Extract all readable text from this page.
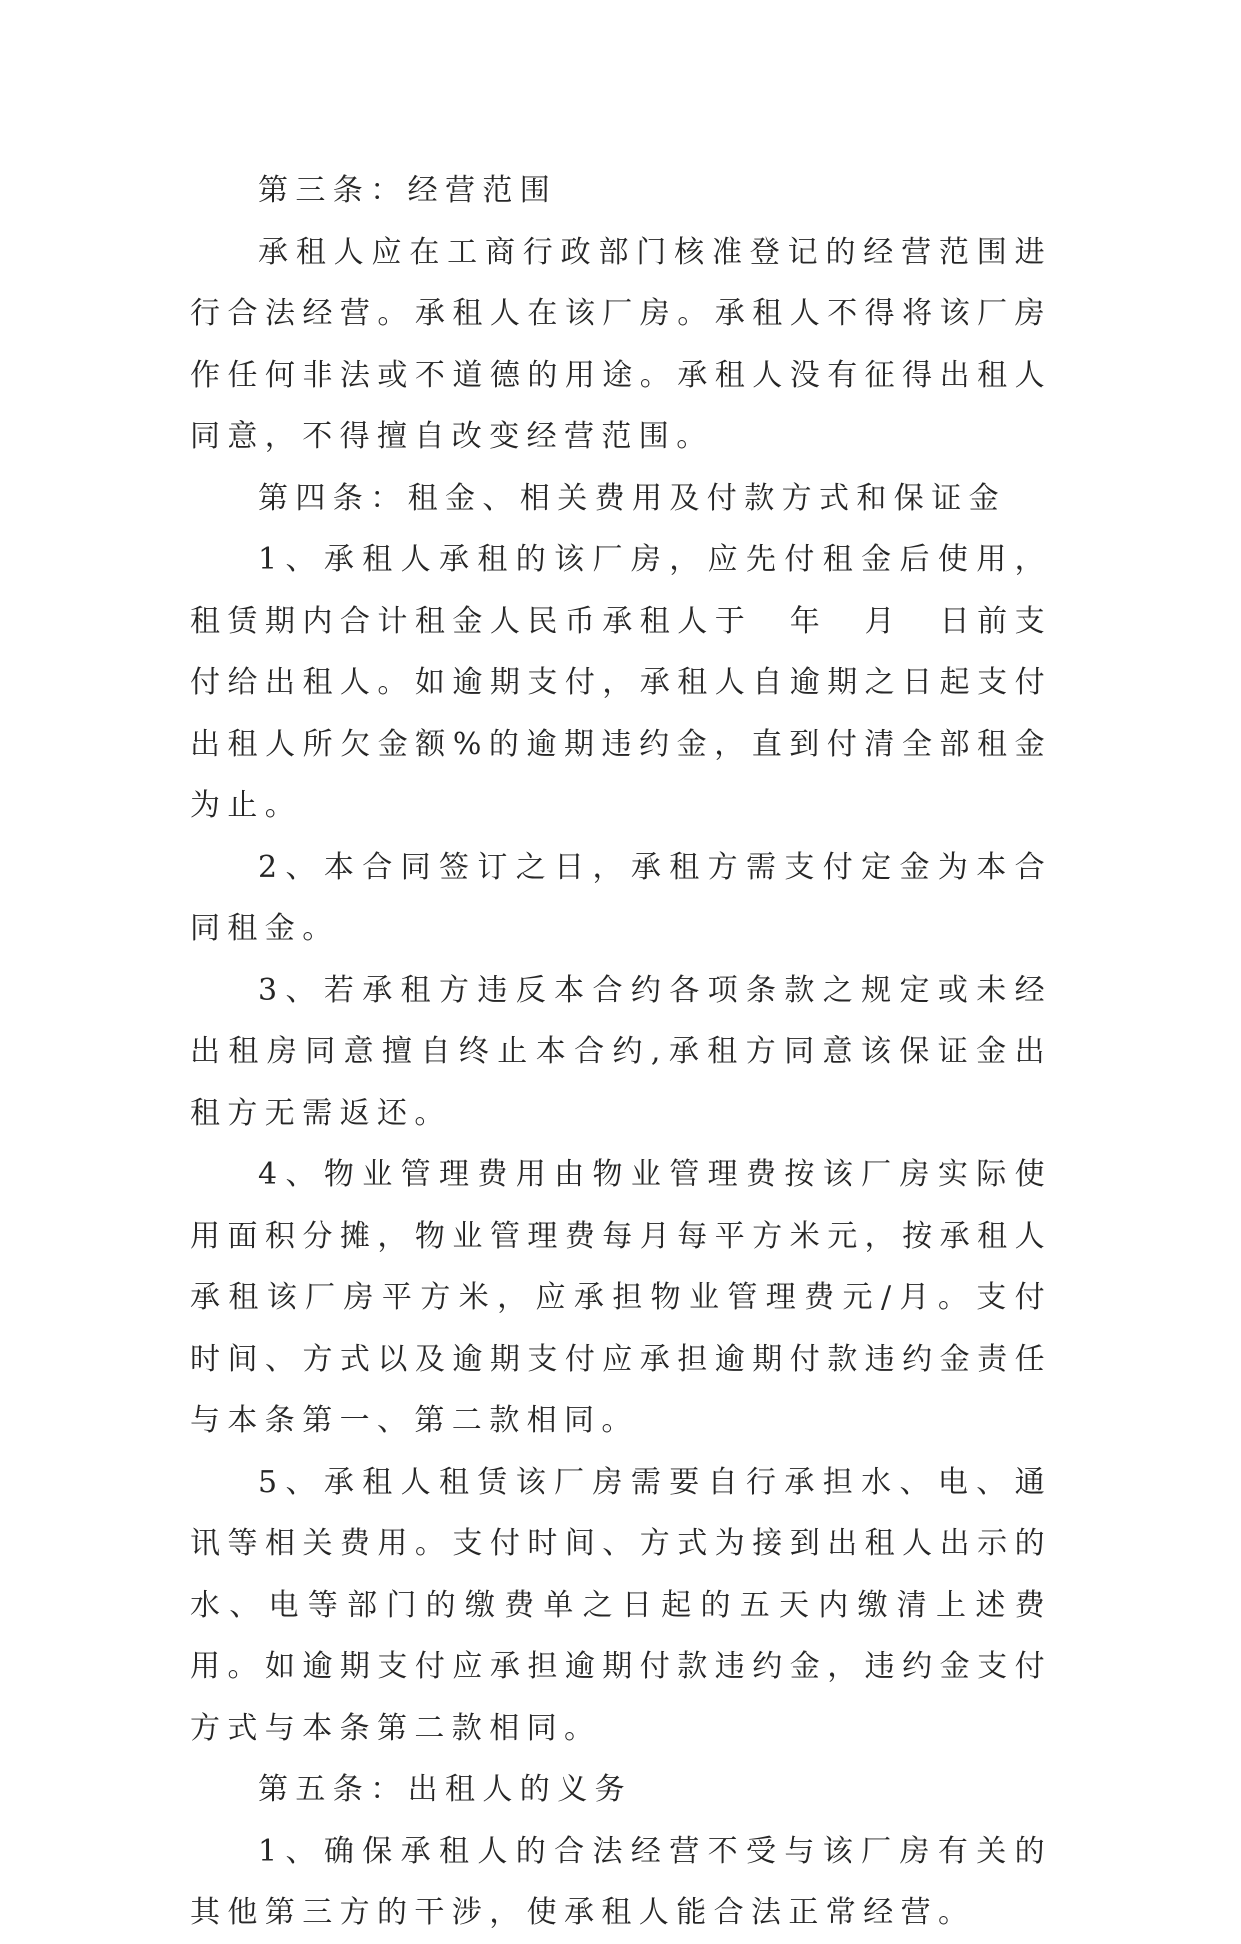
第三条：经营范围

承租人应在工商行政部门核准登记的经营范围进行合法经营。承租人在该厂房。承租人不得将该厂房作任何非法或不道德的用途。承租人没有征得出租人同意，不得擅自改变经营范围。

第四条：租金、相关费用及付款方式和保证金

1、承租人承租的该厂房，应先付租金后使用，租赁期内合计租金人民币承租人于　年　月　日前支付给出租人。如逾期支付，承租人自逾期之日起支付出租人所欠金额%的逾期违约金，直到付清全部租金为止。

2、本合同签订之日，承租方需支付定金为本合同租金。

3、若承租方违反本合约各项条款之规定或未经出租房同意擅自终止本合约,承租方同意该保证金出租方无需返还。

4、物业管理费用由物业管理费按该厂房实际使用面积分摊，物业管理费每月每平方米元，按承租人承租该厂房平方米，应承担物业管理费元/月。支付时间、方式以及逾期支付应承担逾期付款违约金责任与本条第一、第二款相同。

5、承租人租赁该厂房需要自行承担水、电、通讯等相关费用。支付时间、方式为接到出租人出示的水、电等部门的缴费单之日起的五天内缴清上述费用。如逾期支付应承担逾期付款违约金，违约金支付方式与本条第二款相同。

第五条：出租人的义务

1、确保承租人的合法经营不受与该厂房有关的其他第三方的干涉，使承租人能合法正常经营。
